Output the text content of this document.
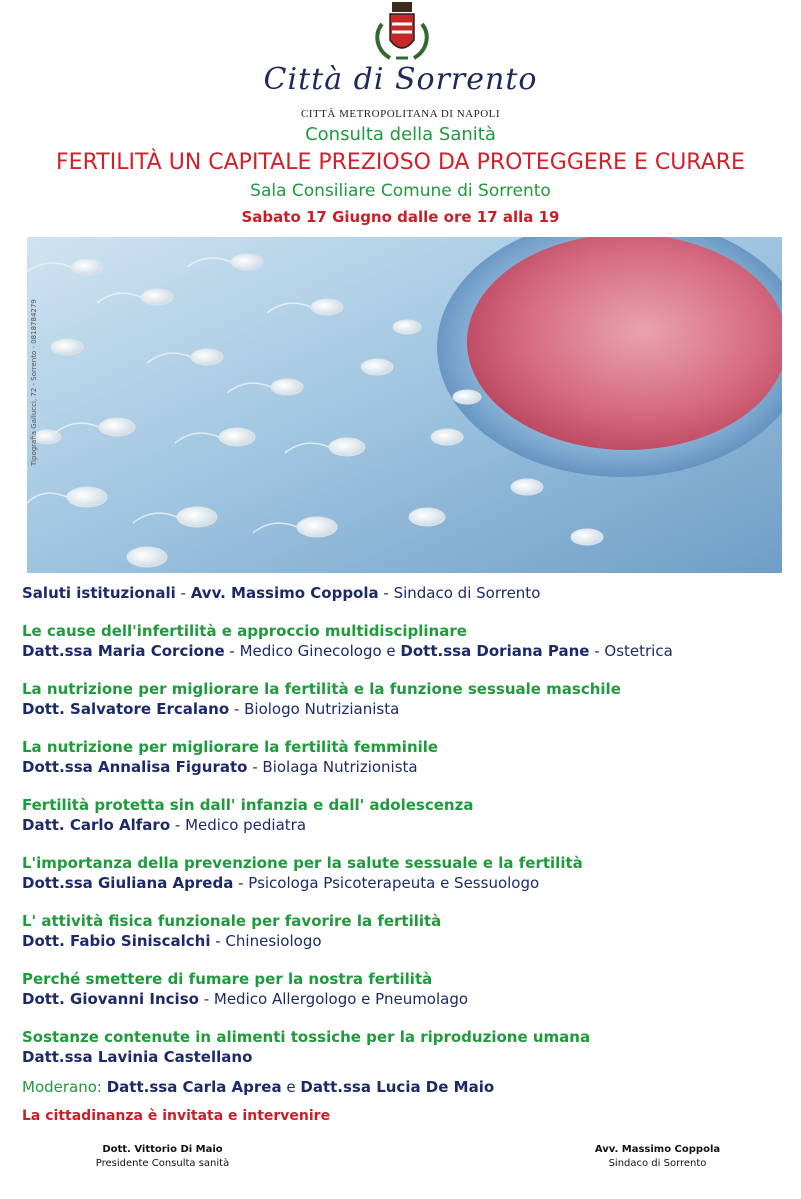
Città di Sorrento
CITTÀ METROPOLITANA DI NAPOLI
Consulta della Sanità
FERTILITÀ UN CAPITALE PREZIOSO DA PROTEGGERE E CURARE
Sala Consiliare Comune di Sorrento
Sabato 17 Giugno dalle ore 17 alla 19
Tipografia Gallucci, 72 - Sorrento - 0818784279
Saluti istituzionali - Avv. Massimo Coppola - Sindaco di Sorrento
Le cause dell'infertilità e approccio multidisciplinare
Datt.ssa Maria Corcione - Medico Ginecologo e Dott.ssa Doriana Pane - Ostetrica
La nutrizione per migliorare la fertilità e la funzione sessuale maschile
Dott. Salvatore Ercalano - Biologo Nutrizianista
La nutrizione per migliorare la fertilità femminile
Dott.ssa Annalisa Figurato - Biolaga Nutrizionista
Fertilità protetta sin dall' infanzia e dall' adolescenza
Datt. Carlo Alfaro - Medico pediatra
L'importanza della prevenzione per la salute sessuale e la fertilità
Dott.ssa Giuliana Apreda - Psicologa Psicoterapeuta e Sessuologo
L' attività fisica funzionale per favorire la fertilità
Dott. Fabio Siniscalchi - Chinesiologo
Perché smettere di fumare per la nostra fertilità
Dott. Giovanni Inciso - Medico Allergologo e Pneumolago
Sostanze contenute in alimenti tossiche per la riproduzione umana
Datt.ssa Lavinia Castellano
Moderano: Datt.ssa Carla Aprea e Datt.ssa Lucia De Maio
La cittadinanza è invitata e intervenire
Dott. Vittorio Di Maio
Presidente Consulta sanità
Avv. Massimo Coppola
Sindaco di Sorrento
